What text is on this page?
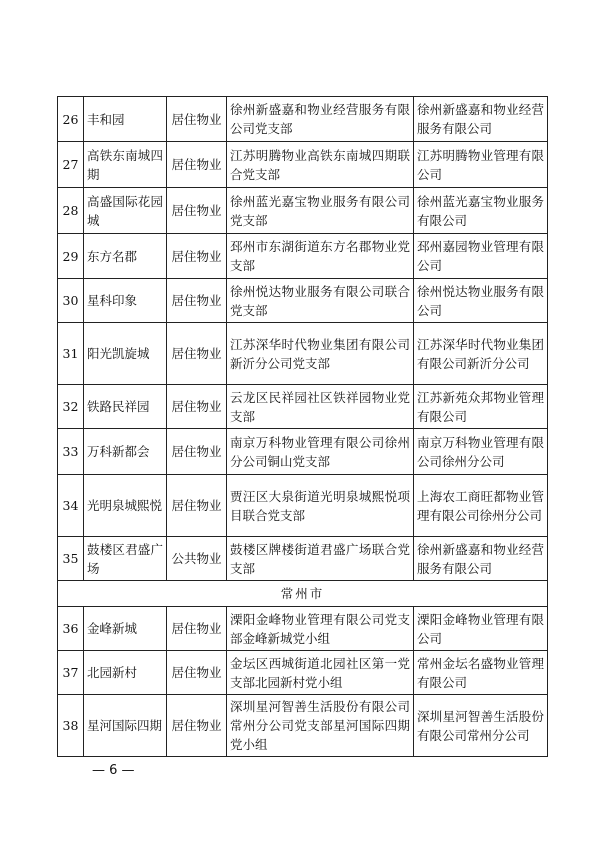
26	丰和园	居住物业	徐州新盛嘉和物业经营服务有限公司党支部	徐州新盛嘉和物业经营服务有限公司
27	高铁东南城四期	居住物业	江苏明腾物业高铁东南城四期联合党支部	江苏明腾物业管理有限公司
28	高盛国际花园城	居住物业	徐州蓝光嘉宝物业服务有限公司党支部	徐州蓝光嘉宝物业服务有限公司
29	东方名郡	居住物业	邳州市东湖街道东方名郡物业党支部	邳州嘉园物业管理有限公司
30	星科印象	居住物业	徐州悦达物业服务有限公司联合党支部	徐州悦达物业服务有限公司
31	阳光凯旋城	居住物业	江苏深华时代物业集团有限公司新沂分公司党支部	江苏深华时代物业集团有限公司新沂分公司
32	铁路民祥园	居住物业	云龙区民祥园社区铁祥园物业党支部	江苏新苑众邦物业管理有限公司
33	万科新都会	居住物业	南京万科物业管理有限公司徐州分公司铜山党支部	南京万科物业管理有限公司徐州分公司
34	光明泉城熙悦	居住物业	贾汪区大泉街道光明泉城熙悦项目联合党支部	上海农工商旺都物业管理有限公司徐州分公司
35	鼓楼区君盛广场	公共物业	鼓楼区牌楼街道君盛广场联合党支部	徐州新盛嘉和物业经营服务有限公司
常州市				
36	金峰新城	居住物业	溧阳金峰物业管理有限公司党支部金峰新城党小组	溧阳金峰物业管理有限公司
37	北园新村	居住物业	金坛区西城街道北园社区第一党支部北园新村党小组	常州金坛名盛物业管理有限公司
38	星河国际四期	居住物业	深圳星河智善生活股份有限公司常州分公司党支部星河国际四期党小组	深圳星河智善生活股份有限公司常州分公司
— 6 —
